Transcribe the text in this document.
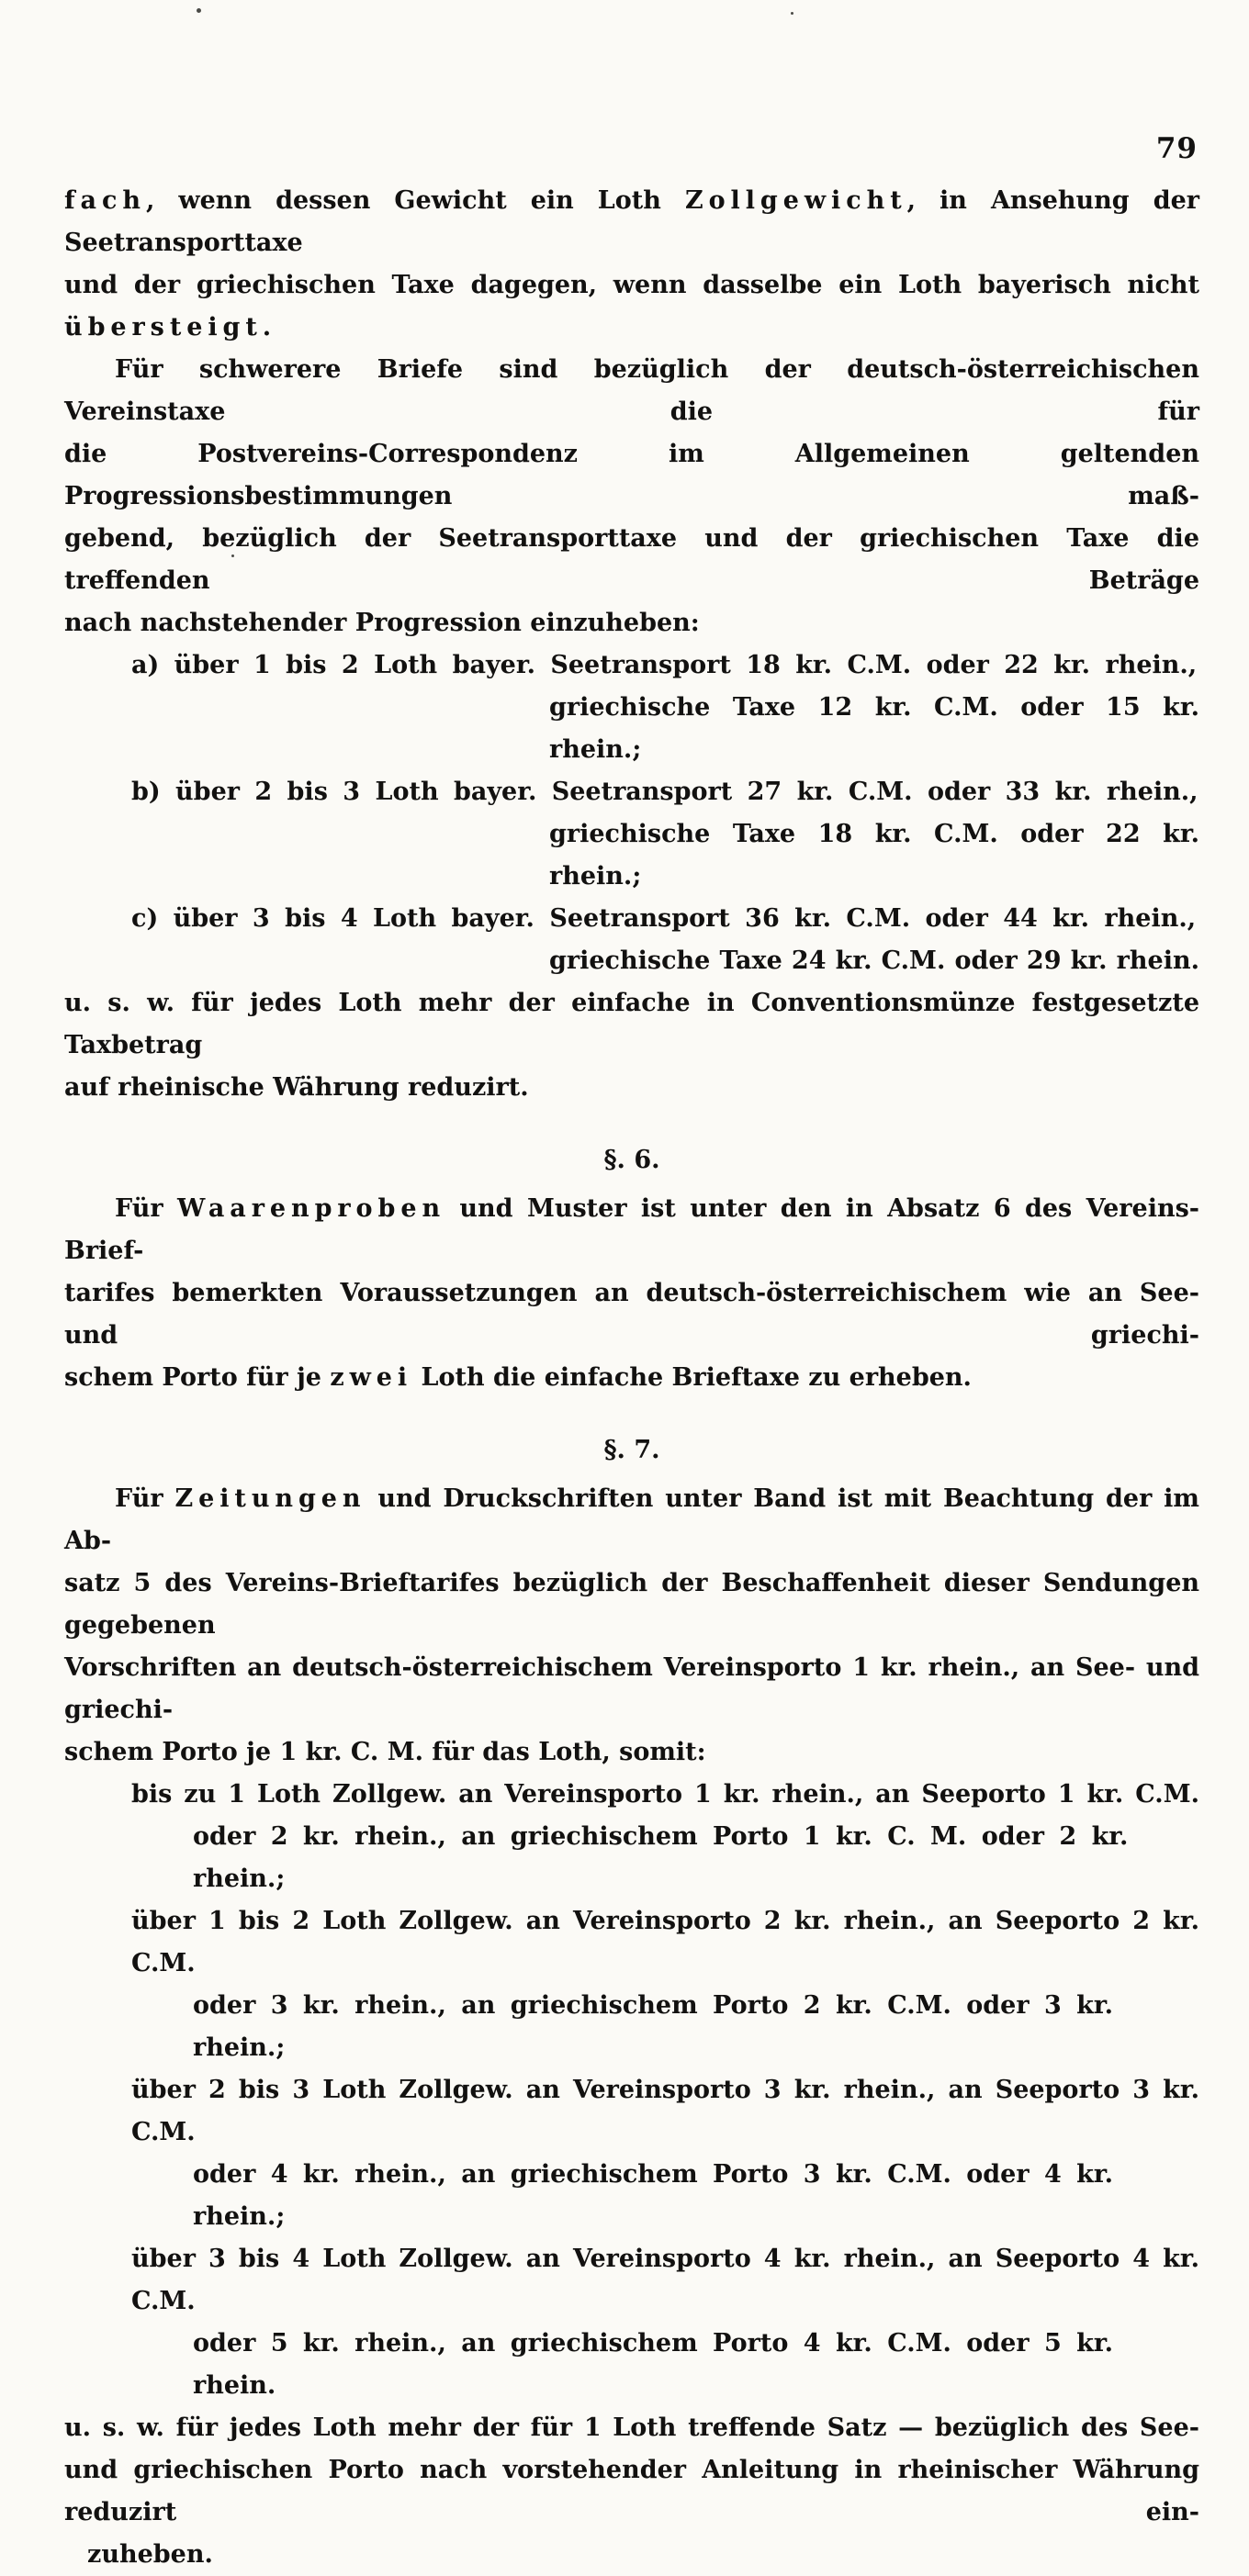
79
fach, wenn dessen Gewicht ein Loth Zollgewicht, in Ansehung der Seetransporttaxe
und der griechischen Taxe dagegen, wenn dasselbe ein Loth bayerisch nicht übersteigt.
Für schwerere Briefe sind bezüglich der deutsch-österreichischen Vereinstaxe die für
die Postvereins-Correspondenz im Allgemeinen geltenden Progressionsbestimmungen maß-
gebend, bezüglich der Seetransporttaxe und der griechischen Taxe die treffenden Beträge
nach nachstehender Progression einzuheben:
a) über 1 bis 2 Loth bayer. Seetransport 18 kr. C.M. oder 22 kr. rhein.,
griechische Taxe 12 kr. C.M. oder 15 kr. rhein.;
b) über 2 bis 3 Loth bayer. Seetransport 27 kr. C.M. oder 33 kr. rhein.,
griechische Taxe 18 kr. C.M. oder 22 kr. rhein.;
c) über 3 bis 4 Loth bayer. Seetransport 36 kr. C.M. oder 44 kr. rhein.,
griechische Taxe 24 kr. C.M. oder 29 kr. rhein.
u. s. w. für jedes Loth mehr der einfache in Conventionsmünze festgesetzte Taxbetrag
auf rheinische Währung reduzirt.
§. 6.
Für Waarenproben und Muster ist unter den in Absatz 6 des Vereins-Brief-
tarifes bemerkten Voraussetzungen an deutsch-österreichischem wie an See- und griechi-
schem Porto für je zwei Loth die einfache Brieftaxe zu erheben.
§. 7.
Für Zeitungen und Druckschriften unter Band ist mit Beachtung der im Ab-
satz 5 des Vereins-Brieftarifes bezüglich der Beschaffenheit dieser Sendungen gegebenen
Vorschriften an deutsch-österreichischem Vereinsporto 1 kr. rhein., an See- und griechi-
schem Porto je 1 kr. C. M. für das Loth, somit:
bis zu 1 Loth Zollgew. an Vereinsporto 1 kr. rhein., an Seeporto 1 kr. C.M.
oder 2 kr. rhein., an griechischem Porto 1 kr. C. M. oder 2 kr. rhein.;
über 1 bis 2 Loth Zollgew. an Vereinsporto 2 kr. rhein., an Seeporto 2 kr. C.M.
oder 3 kr. rhein., an griechischem Porto 2 kr. C.M. oder 3 kr. rhein.;
über 2 bis 3 Loth Zollgew. an Vereinsporto 3 kr. rhein., an Seeporto 3 kr. C.M.
oder 4 kr. rhein., an griechischem Porto 3 kr. C.M. oder 4 kr. rhein.;
über 3 bis 4 Loth Zollgew. an Vereinsporto 4 kr. rhein., an Seeporto 4 kr. C.M.
oder 5 kr. rhein., an griechischem Porto 4 kr. C.M. oder 5 kr. rhein.
u. s. w. für jedes Loth mehr der für 1 Loth treffende Satz — bezüglich des See-
und griechischen Porto nach vorstehender Anleitung in rheinischer Währung reduzirt ein-
zuheben.
